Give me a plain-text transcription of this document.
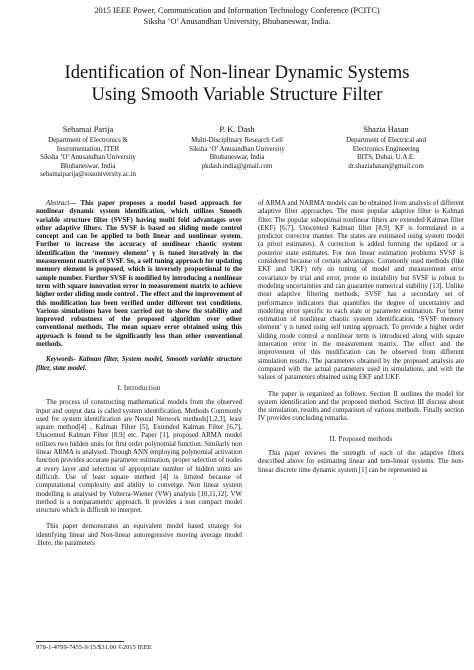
2015 IEEE Power, Communication and Information Technology Conference (PCITC)
Siksha ‘O’ Anusandhan University, Bhubaneswar, India.
Identification of Non-linear Dynamic Systems
Using Smooth Variable Structure Filter
Sebamai Parija
Department of Electronics &
Instrumentation, ITER
Siksha ‘O’ Anusandhan University
Bhubaneswar, India
sebamaiparija@soauniversity.ac.in
P. K. Dash
Multi-Disciplinary Research Cell
Siksha ‘O’ Anusandhan University
Bhubaneswar, India
pkdash.india@gmail.com
Shazia Hasan
Department of Electrical and
Electronics Engineering
BITS, Dubai, U.A.E.
dr.shaziahasan@gmail.com

Abstract— This paper proposes a model based approach for nonlinear dynamic system identification, which utilizes Smooth variable structure filter (SVSF) having multi fold advantages over other adaptive filters. The SVSF is based on sliding mode control concept and can be applied to both linear and nonlinear system. Further to increase the accuracy of nonlinear chaotic system identification the ‘memory element’ γ is tuned iteratively in the measurement matrix of SVSF. So, a self tuning approach for updating memory element is proposed, which is inversely proportional to the sample number. Further SVSF is modified by introducing a nonlinear term with square innovation error in measurement matrix to achieve higher order sliding mode control . The effect and the improvement of this modification has been verified under different test conditions. Various simulations have been carried out to show the stability and improved robustness of the proposed algorithm over other conventional methods. The mean square error obtained using this approach is found to be significantly less than other conventional methods.

Keywords- Kalman filter, System model, Smooth variable structure filter, state model.

I. Introduction

The process of constructing mathematical models from the observed input and output data is called system identification. Methods Commonly used for system identification are Neural Network methods[1,2,3], least square method[4] , Kalman Filter [5], Extended Kalman Filter [6,7], Unscented Kalman Filter [8,9] etc. Paper [1], proposed ARMA model utilizes two hidden units for first order polynomial function. Similarly non linear ARMA is analysed. Though ANN employing polynomial activation function provides accurate parameter estimation, proper selection of nodes at every layer and selection of appropriate number of hidden units are difficult. Use of least square method [4] is limited because of computational complexity and ability to converge. Non linear system modelling is analysed by Volterra-Wiener (VW) analysis [10,11,12]. VW method is a nonparametric approach. It provides a non compact model structure which is difficult to interpret.

This paper demonstrates an equivalent model based strategy for identifying linear and Non-linear autoregressive moving average model .Here, the parameters

of ARMA and NARMA models can be obtained from analysis of different adaptive filter approaches. The most popular adaptive filter is Kalman filter. The popular suboptimal nonlinear filters are extended Kalman filter (EKF) [6,7], Unscented Kalman filter [8,9]. KF is formulated in a predictor corrector manner. The states are estimated using system model (a priori estimates). A correction is added forming the updated or a posterior state estimates. For non linear estimation problems SVSF is considered because of certain advantages. Commonly used methods (like EKF and UKF) rely on tuning of model and measurement error covariance by trial and error, prone to instability but SVSF is robust to modeling uncertainties and can guarantee numerical stability [13]. Unlike most adaptive filtering methods, SVSF has a secondary set of performance indicators that quantifies the degree of uncertainty and modeling error specific to each state or parameter estimation. For better estimation of nonlinear chaotic system identification, ‘SVSF memory element’ γ is tuned using self tuning approach. To provide a higher order sliding mode control a nonlinear term is introduced along with square innovation error in the measurement matrix. The effect and the improvement of this modification can be observed from different simulation results. The parameters obtained by the proposed analysis are compared with the actual parameters used in simulations, and with the values of parameters obtained using EKF and UKF.

The paper is organized as follows. Section II outlines the model for system identification and the proposed method. Section III discuss about the simulation, results and comparison of various methods. Finally section IV provides concluding remarks.

II. Proposed methods

This paper reviews the strength of each of the adaptive filters described above for estimating linear and non-linear systems. The non-linear discrete time dynamic system [1] can be represented as

978-1-4799-7455-9/15/$31.00 ©2015 IEEE
